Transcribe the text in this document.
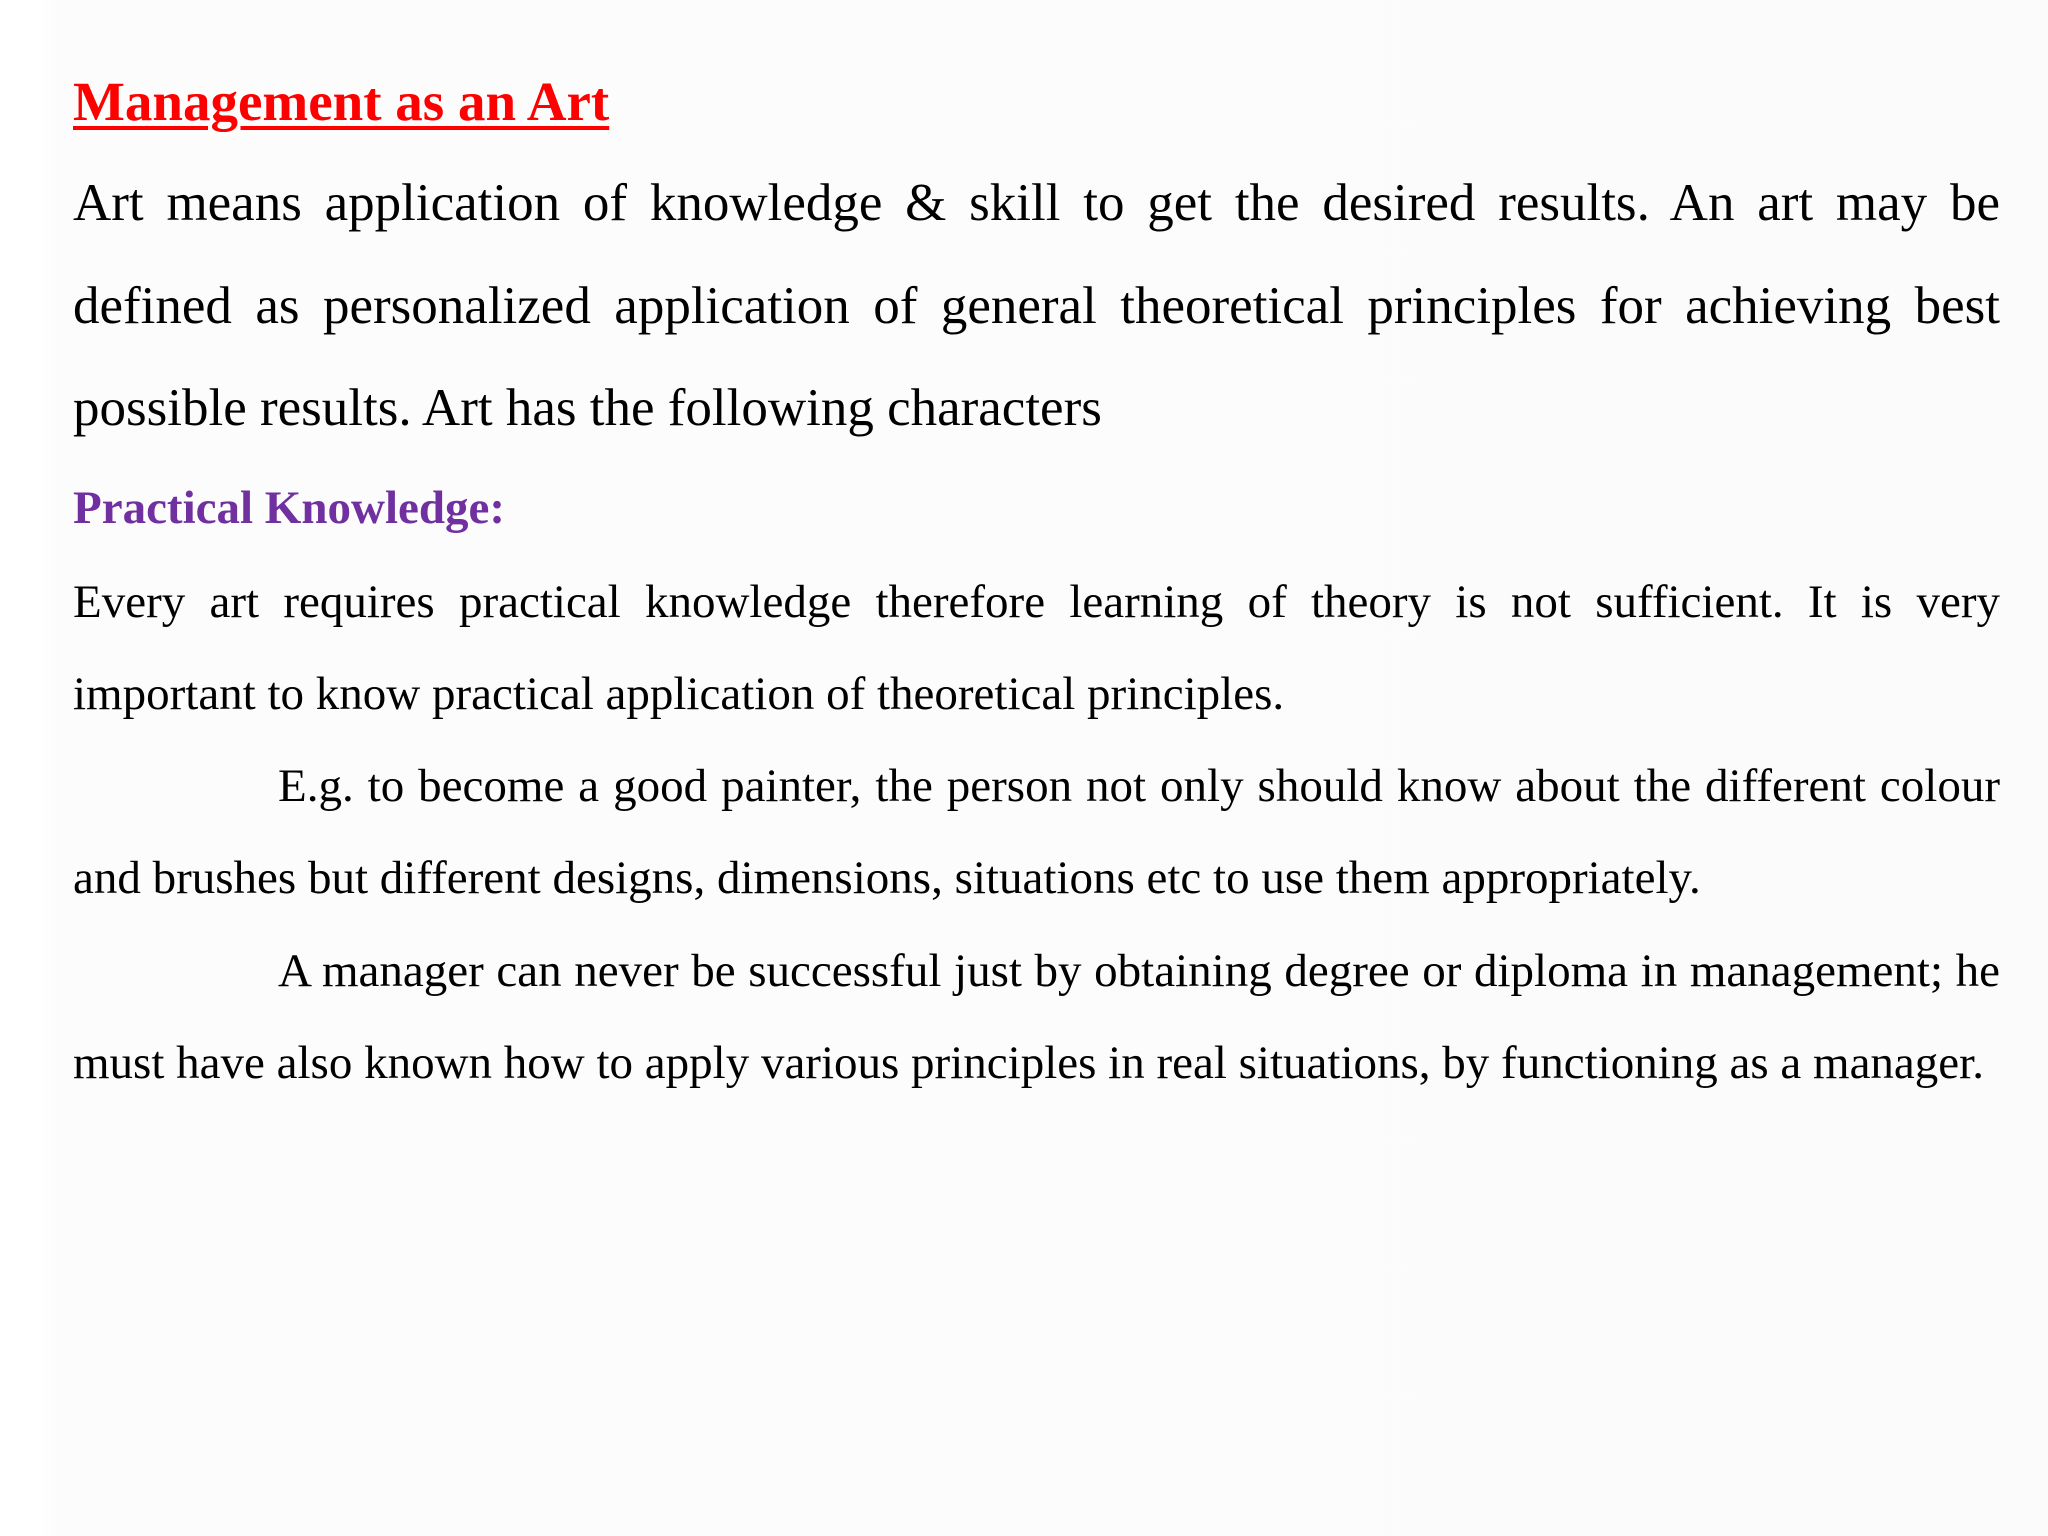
Management as an Art

Art means application of knowledge & skill to get the desired results. An art may be defined as personalized application of general theoretical principles for achieving best possible results. Art has the following characters

Practical Knowledge:

Every art requires practical knowledge therefore learning of theory is not sufficient. It is very important to know practical application of theoretical principles.

E.g. to become a good painter, the person not only should know about the different colour and brushes but different designs, dimensions, situations etc to use them appropriately.

A manager can never be successful just by obtaining degree or diploma in management; he must have also known how to apply various principles in real situations, by functioning as a manager.
